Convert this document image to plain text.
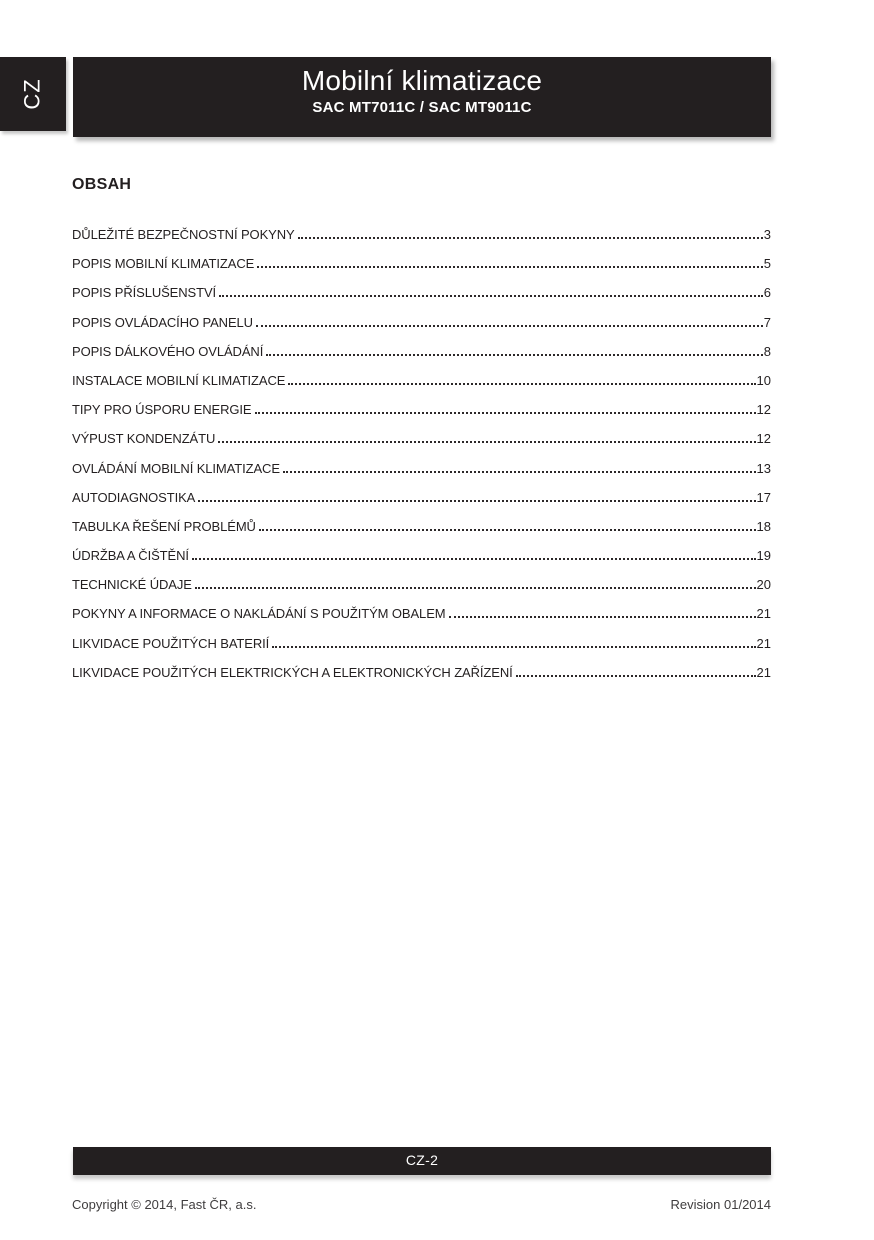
CZ	Mobilní klimatizace
SAC MT7011C / SAC MT9011C
OBSAH
DŮLEŽITÉ BEZPEČNOSTNÍ POKYNY	3
POPIS MOBILNÍ KLIMATIZACE	5
POPIS PŘÍSLUŠENSTVÍ	6
POPIS OVLÁDACÍHO PANELU	7
POPIS DÁLKOVÉHO OVLÁDÁNÍ	8
INSTALACE MOBILNÍ KLIMATIZACE	10
TIPY PRO ÚSPORU ENERGIE	12
VÝPUST KONDENZÁTU	12
OVLÁDÁNÍ MOBILNÍ KLIMATIZACE	13
AUTODIAGNOSTIKA	17
TABULKA ŘEŠENÍ PROBLÉMŮ	18
ÚDRŽBA A ČIŠTĚNÍ	19
TECHNICKÉ ÚDAJE	20
POKYNY A INFORMACE O NAKLÁDÁNÍ S POUŽITÝM OBALEM	21
LIKVIDACE POUŽITÝCH BATERIÍ	21
LIKVIDACE POUŽITÝCH ELEKTRICKÝCH A ELEKTRONICKÝCH ZAŘÍZENÍ	21
CZ-2
Copyright © 2014, Fast ČR, a.s.	Revision 01/2014
